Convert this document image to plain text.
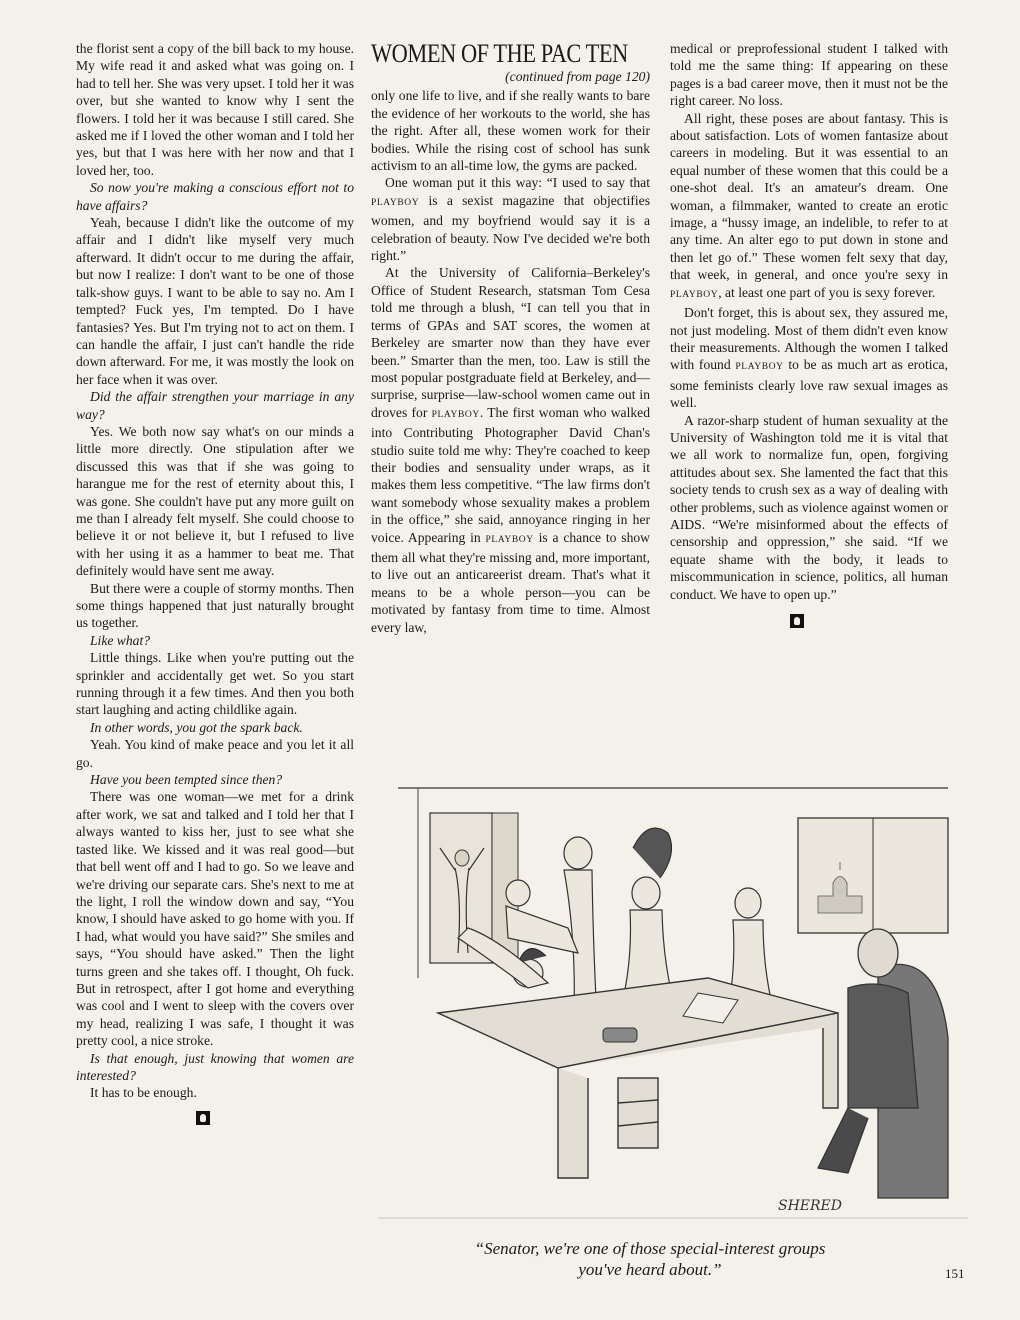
the florist sent a copy of the bill back to my house. My wife read it and asked what was going on. I had to tell her. She was very upset. I told her it was over, but she wanted to know why I sent the flowers. I told her it was because I still cared. She asked me if I loved the other woman and I told her yes, but that I was here with her now and that I loved her, too.

So now you're making a conscious effort not to have affairs?

Yeah, because I didn't like the outcome of my affair and I didn't like myself very much afterward. It didn't occur to me during the affair, but now I realize: I don't want to be one of those talk-show guys. I want to be able to say no. Am I tempted? Fuck yes, I'm tempted. Do I have fantasies? Yes. But I'm trying not to act on them. I can handle the affair, I just can't handle the ride down afterward. For me, it was mostly the look on her face when it was over.

Did the affair strengthen your marriage in any way?

Yes. We both now say what's on our minds a little more directly. One stipulation after we discussed this was that if she was going to harangue me for the rest of eternity about this, I was gone. She couldn't have put any more guilt on me than I already felt myself. She could choose to believe it or not believe it, but I refused to live with her using it as a hammer to beat me. That definitely would have sent me away.

But there were a couple of stormy months. Then some things happened that just naturally brought us together.

Like what?

Little things. Like when you're putting out the sprinkler and accidentally get wet. So you start running through it a few times. And then you both start laughing and acting childlike again.

In other words, you got the spark back.

Yeah. You kind of make peace and you let it all go.

Have you been tempted since then?

There was one woman—we met for a drink after work, we sat and talked and I told her that I always wanted to kiss her, just to see what she tasted like. We kissed and it was real good—but that bell went off and I had to go. So we leave and we're driving our separate cars. She's next to me at the light, I roll the window down and say, “You know, I should have asked to go home with you. If I had, what would you have said?” She smiles and says, “You should have asked.” Then the light turns green and she takes off. I thought, Oh fuck. But in retrospect, after I got home and everything was cool and I went to sleep with the covers over my head, realizing I was safe, I thought it was pretty cool, a nice stroke.

Is that enough, just knowing that women are interested?

It has to be enough.

WOMEN OF THE PAC TEN
(continued from page 120)

only one life to live, and if she really wants to bare the evidence of her workouts to the world, she has the right. After all, these women work for their bodies. While the rising cost of school has sunk activism to an all-time low, the gyms are packed.

One woman put it this way: “I used to say that PLAYBOY is a sexist magazine that objectifies women, and my boyfriend would say it is a celebration of beauty. Now I've decided we're both right.”

At the University of California–Berkeley's Office of Student Research, statsman Tom Cesa told me through a blush, “I can tell you that in terms of GPAs and SAT scores, the women at Berkeley are smarter now than they have ever been.” Smarter than the men, too. Law is still the most popular postgraduate field at Berkeley, and—surprise, surprise—law-school women came out in droves for PLAYBOY. The first woman who walked into Contributing Photographer David Chan's studio suite told me why: They're coached to keep their bodies and sensuality under wraps, as it makes them less competitive. “The law firms don't want somebody whose sexuality makes a problem in the office,” she said, annoyance ringing in her voice. Appearing in PLAYBOY is a chance to show them all what they're missing and, more important, to live out an anticareerist dream. That's what it means to be a whole person—you can be motivated by fantasy from time to time. Almost every law,

medical or preprofessional student I talked with told me the same thing: If appearing on these pages is a bad career move, then it must not be the right career. No loss.

All right, these poses are about fantasy. This is about satisfaction. Lots of women fantasize about careers in modeling. But it was essential to an equal number of these women that this could be a one-shot deal. It's an amateur's dream. One woman, a filmmaker, wanted to create an erotic image, a “hussy image, an indelible, to refer to at any time. An alter ego to put down in stone and then let go of.” These women felt sexy that day, that week, in general, and once you're sexy in PLAYBOY, at least one part of you is sexy forever.

Don't forget, this is about sex, they assured me, not just modeling. Most of them didn't even know their measurements. Although the women I talked with found PLAYBOY to be as much art as erotica, some feminists clearly love raw sexual images as well.

A razor-sharp student of human sexuality at the University of Washington told me it is vital that we all work to normalize fun, open, forgiving attitudes about sex. She lamented the fact that this society tends to crush sex as a way of dealing with other problems, such as violence against women or AIDS. “We're misinformed about the effects of censorship and oppression,” she said. “If we equate shame with the body, it leads to miscommunication in science, politics, all human conduct. We have to open up.”

SHERED
“Senator, we're one of those special-interest groups
you've heard about.”	151
